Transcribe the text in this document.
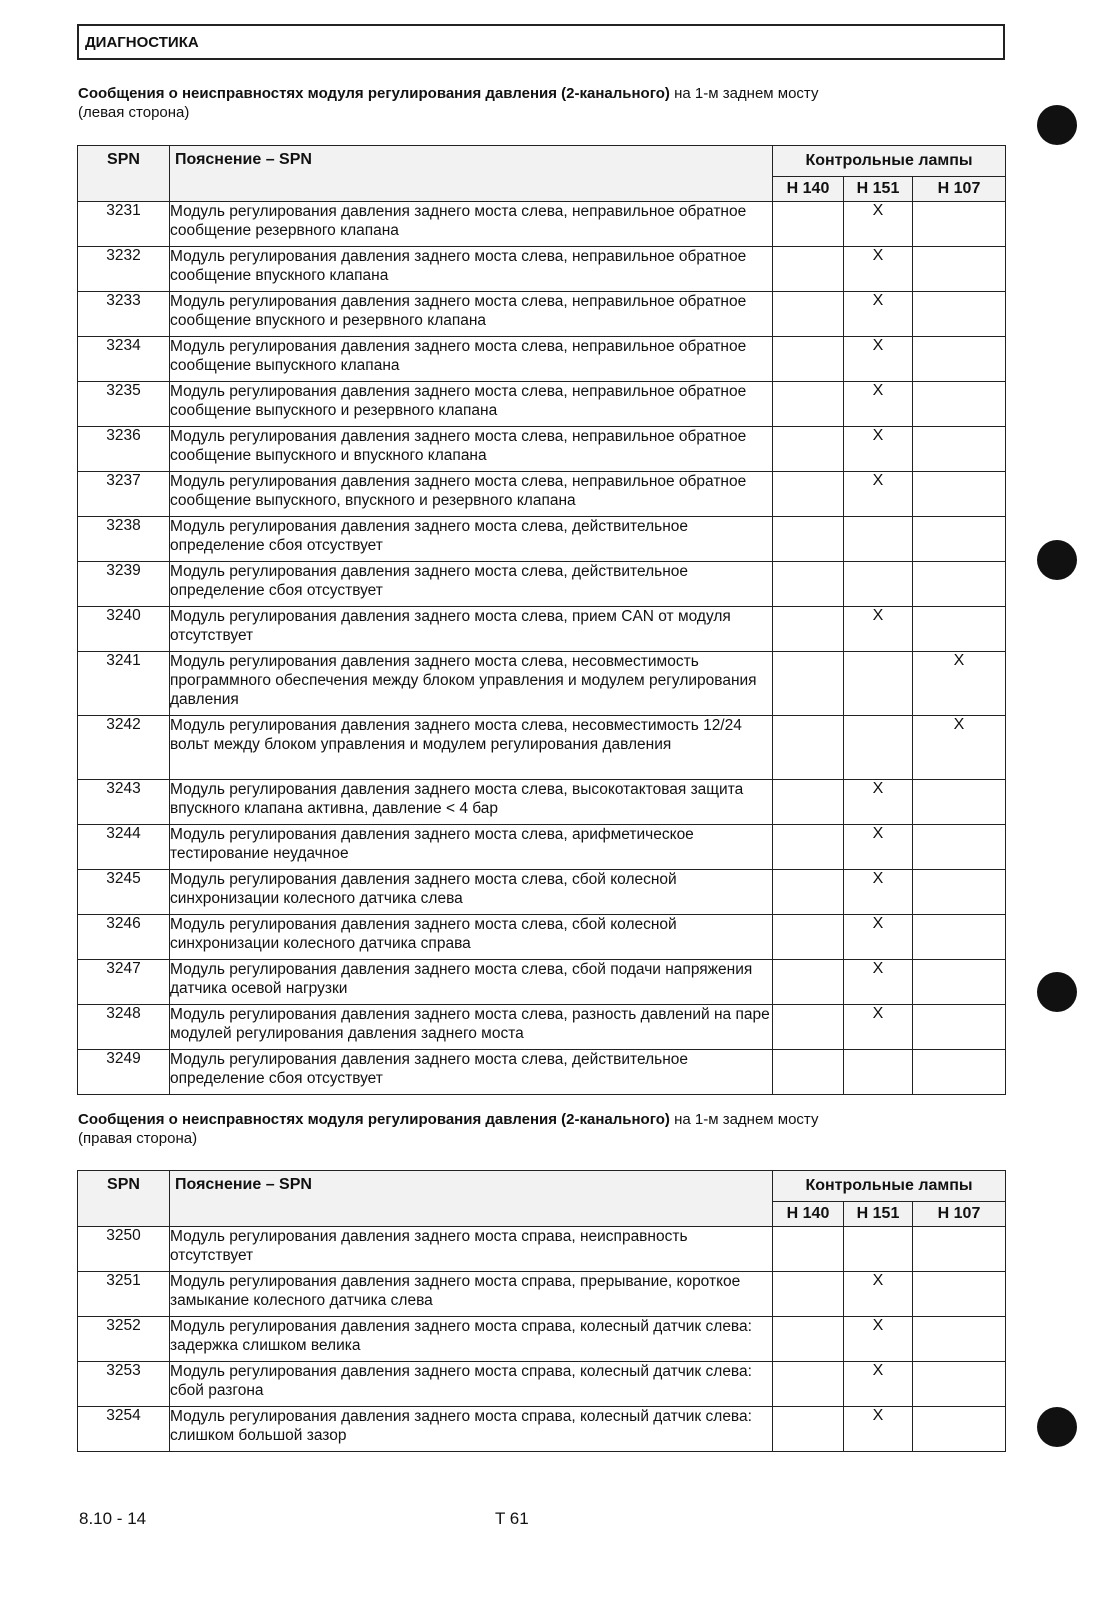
ДИАГНОСТИКА
Сообщения о неисправностях модуля регулирования давления (2-канального) на 1-м заднем мосту
(левая сторона)
SPN	Пояснение – SPN	Контрольные лампы		
		H 140	H 151	H 107
3231	Модуль регулирования давления заднего моста слева, неправильное обратное сообщение резервного клапана		X	
3232	Модуль регулирования давления заднего моста слева, неправильное обратное сообщение впускного клапана		X	
3233	Модуль регулирования давления заднего моста слева, неправильное обратное сообщение впускного и резервного клапана		X	
3234	Модуль регулирования давления заднего моста слева, неправильное обратное сообщение выпускного клапана		X	
3235	Модуль регулирования давления заднего моста слева, неправильное обратное сообщение выпускного и резервного клапана		X	
3236	Модуль регулирования давления заднего моста слева, неправильное обратное сообщение выпускного и впускного клапана		X	
3237	Модуль регулирования давления заднего моста слева, неправильное обратное сообщение выпускного, впускного и резервного клапана		X	
3238	Модуль регулирования давления заднего моста слева, действительное определение сбоя отсуствует			
3239	Модуль регулирования давления заднего моста слева, действительное определение сбоя отсуствует			
3240	Модуль регулирования давления заднего моста слева, прием CAN от модуля отсутствует		X	
3241	Модуль регулирования давления заднего моста слева, несовместимость программного обеспечения между блоком управления и модулем регулирования давления			X
3242	Модуль регулирования давления заднего моста слева, несовместимость 12/24 вольт между блоком управления и модулем регулирования давления			X
3243	Модуль регулирования давления заднего моста слева, высокотактовая защита впускного клапана активна, давление < 4 бар		X	
3244	Модуль регулирования давления заднего моста слева, арифметическое тестирование неудачное		X	
3245	Модуль регулирования давления заднего моста слева, сбой колесной синхронизации колесного датчика слева		X	
3246	Модуль регулирования давления заднего моста слева, сбой колесной синхронизации колесного датчика справа		X	
3247	Модуль регулирования давления заднего моста слева, сбой подачи напряжения датчика осевой нагрузки		X	
3248	Модуль регулирования давления заднего моста слева, разность давлений на паре модулей регулирования давления заднего моста		X	
3249	Модуль регулирования давления заднего моста слева, действительное определение сбоя отсуствует			
Сообщения о неисправностях модуля регулирования давления (2-канального) на 1-м заднем мосту
(правая сторона)
SPN	Пояснение – SPN	Контрольные лампы		
		H 140	H 151	H 107
3250	Модуль регулирования давления заднего моста справа, неисправность отсутствует			
3251	Модуль регулирования давления заднего моста справа, прерывание, короткое замыкание колесного датчика слева		X	
3252	Модуль регулирования давления заднего моста справа, колесный датчик слева: задержка слишком велика		X	
3253	Модуль регулирования давления заднего моста справа, колесный датчик слева: сбой разгона		X	
3254	Модуль регулирования давления заднего моста справа, колесный датчик слева: слишком большой зазор		X	
8.10 - 14	T 61
